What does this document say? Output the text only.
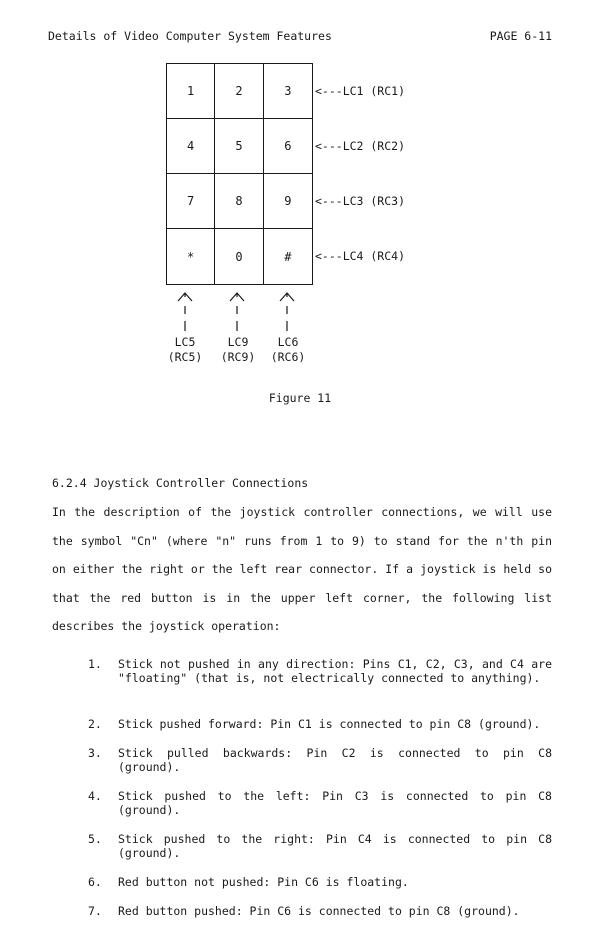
Details of Video Computer System Features	PAGE 6-11
1	2	3
4	5	6
7	8	9
*	0	#
<---LC1 (RC1)
<---LC2 (RC2)
<---LC3 (RC3)
<---LC4 (RC4)
LC5
(RC5)
LC9
(RC9)
LC6
(RC6)
Figure 11
6.2.4 Joystick Controller Connections

In the description of the joystick controller connections, we will use the symbol "Cn" (where "n" runs from 1 to 9) to stand for the n'th pin on either the right or the left rear connector. If a joystick is held so that the red button is in the upper left corner, the following list describes the joystick operation:

1. Stick not pushed in any direction: Pins C1, C2, C3, and C4 are "floating" (that is, not electrically connected to anything).
2. Stick pushed forward: Pin C1 is connected to pin C8 (ground).
3. Stick pulled backwards: Pin C2 is connected to pin C8 (ground).
4. Stick pushed to the left: Pin C3 is connected to pin C8 (ground).
5. Stick pushed to the right: Pin C4 is connected to pin C8 (ground).
6. Red button not pushed: Pin C6 is floating.
7. Red button pushed: Pin C6 is connected to pin C8 (ground).
